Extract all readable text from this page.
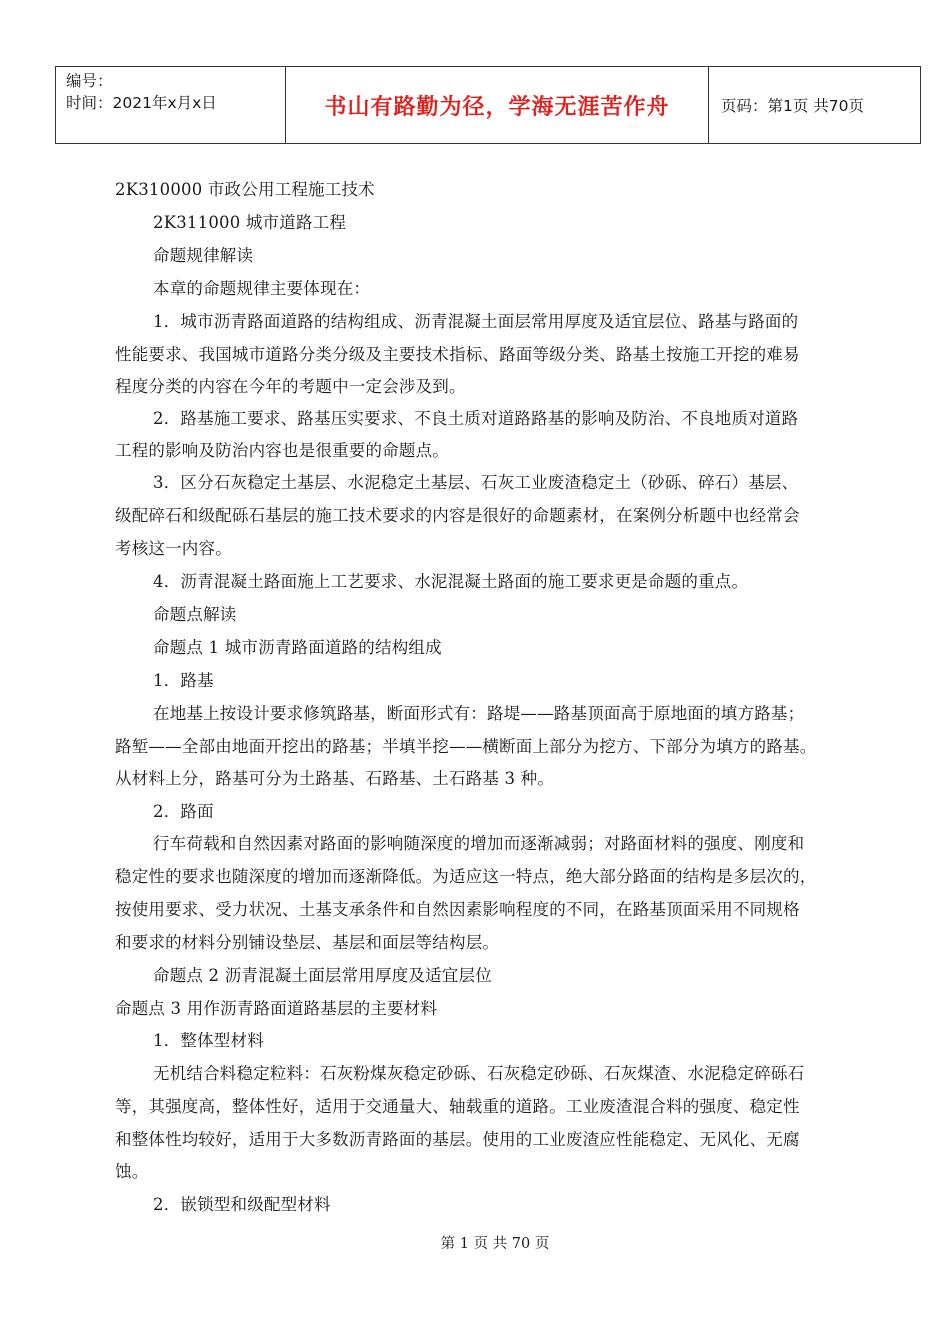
编号：
时间：2021年x月x日	书山有路勤为径，学海无涯苦作舟	页码：第1页 共70页
2K310000 市政公用工程施工技术
2K311000 城市道路工程
命题规律解读
本章的命题规律主要体现在：
1．城市沥青路面道路的结构组成、沥青混凝土面层常用厚度及适宜层位、路基与路面的
性能要求、我国城市道路分类分级及主要技术指标、路面等级分类、路基土按施工开挖的难易
程度分类的内容在今年的考题中一定会涉及到。
2．路基施工要求、路基压实要求、不良土质对道路路基的影响及防治、不良地质对道路
工程的影响及防治内容也是很重要的命题点。
3．区分石灰稳定土基层、水泥稳定土基层、石灰工业废渣稳定土（砂砾、碎石）基层、
级配碎石和级配砾石基层的施工技术要求的内容是很好的命题素材，在案例分析题中也经常会
考核这一内容。
4．沥青混凝土路面施上工艺要求、水泥混凝土路面的施工要求更是命题的重点。
命题点解读
命题点 1 城市沥青路面道路的结构组成
1．路基
在地基上按设计要求修筑路基，断面形式有：路堤——路基顶面高于原地面的填方路基；
路堑——全部由地面开挖出的路基；半填半挖——横断面上部分为挖方、下部分为填方的路基。
从材料上分，路基可分为土路基、石路基、土石路基 3 种。
2．路面
行车荷载和自然因素对路面的影响随深度的增加而逐渐减弱；对路面材料的强度、刚度和
稳定性的要求也随深度的增加而逐渐降低。为适应这一特点，绝大部分路面的结构是多层次的，
按使用要求、受力状况、土基支承条件和自然因素影响程度的不同，在路基顶面采用不同规格
和要求的材料分别铺设垫层、基层和面层等结构层。
命题点 2 沥青混凝土面层常用厚度及适宜层位
命题点 3 用作沥青路面道路基层的主要材料
1．整体型材料
无机结合料稳定粒料：石灰粉煤灰稳定砂砾、石灰稳定砂砾、石灰煤渣、水泥稳定碎砾石
等，其强度高，整体性好，适用于交通量大、轴载重的道路。工业废渣混合料的强度、稳定性
和整体性均较好，适用于大多数沥青路面的基层。使用的工业废渣应性能稳定、无风化、无腐
蚀。
2．嵌锁型和级配型材料
第 1 页 共 70 页
